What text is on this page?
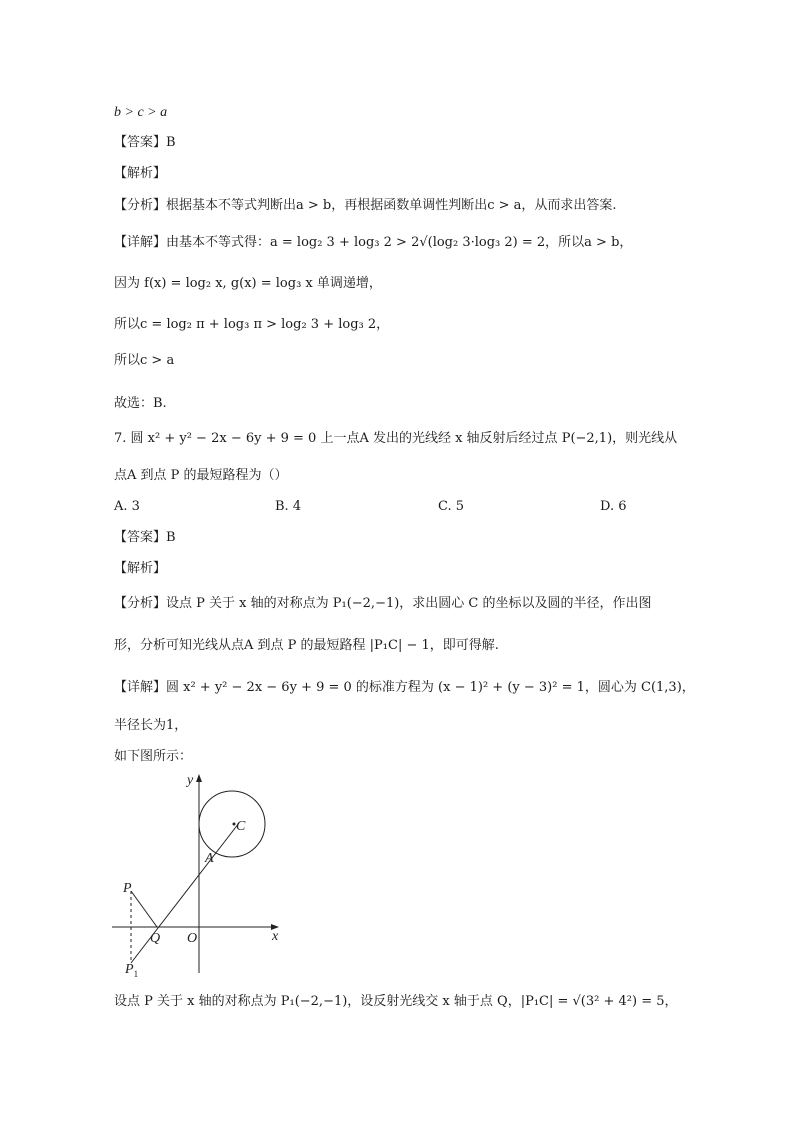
b > c > a
【答案】B
【解析】
【分析】根据基本不等式判断出a > b，再根据函数单调性判断出c > a，从而求出答案.
【详解】由基本不等式得：a = log₂ 3 + log₃ 2 > 2√(log₂ 3·log₃ 2) = 2，所以a > b，
因为 f(x) = log₂ x, g(x) = log₃ x 单调递增，
所以c = log₂ π + log₃ π > log₂ 3 + log₃ 2，
所以c > a
故选：B.
7. 圆 x² + y² − 2x − 6y + 9 = 0 上一点A 发出的光线经 x 轴反射后经过点 P(−2,1)，则光线从
点A 到点 P 的最短路程为（）
A. 3	B. 4	C. 5	D. 6
【答案】B
【解析】
【分析】设点 P 关于 x 轴的对称点为 P₁(−2,−1)，求出圆心 C 的坐标以及圆的半径，作出图
形，分析可知光线从点A 到点 P 的最短路程 |P₁C| − 1，即可得解.
【详解】圆 x² + y² − 2x − 6y + 9 = 0 的标准方程为 (x − 1)² + (y − 3)² = 1，圆心为 C(1,3)，
半径长为1，
如下图所示：
y
x
C
A
P
Q O
$P_1$
设点 P 关于 x 轴的对称点为 P₁(−2,−1)，设反射光线交 x 轴于点 Q，|P₁C| = √(3² + 4²) = 5，
